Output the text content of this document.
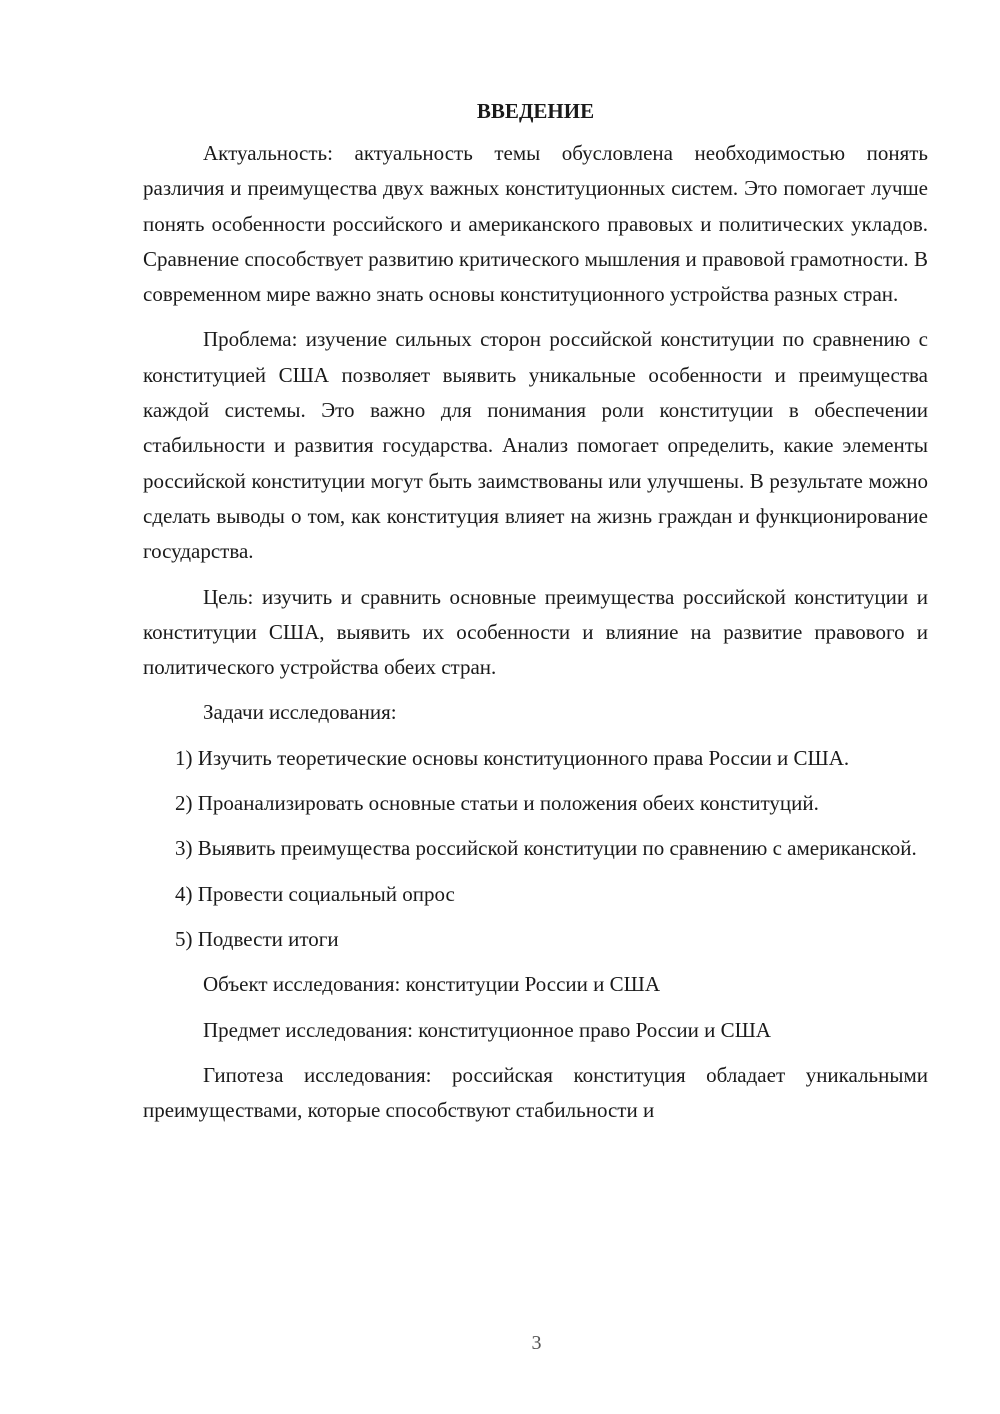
ВВЕДЕНИЕ

Актуальность: актуальность темы обусловлена необходимостью понять различия и преимущества двух важных конституционных систем. Это помогает лучше понять особенности российского и американского правовых и политических укладов. Сравнение способствует развитию критического мышления и правовой грамотности. В современном мире важно знать основы конституционного устройства разных стран.

Проблема: изучение сильных сторон российской конституции по сравнению с конституцией США позволяет выявить уникальные особенности и преимущества каждой системы. Это важно для понимания роли конституции в обеспечении стабильности и развития государства. Анализ помогает определить, какие элементы российской конституции могут быть заимствованы или улучшены. В результате можно сделать выводы о том, как конституция влияет на жизнь граждан и функционирование государства.

Цель: изучить и сравнить основные преимущества российской конституции и конституции США, выявить их особенности и влияние на развитие правового и политического устройства обеих стран.

Задачи исследования:

1) Изучить теоретические основы конституционного права России и США.

2) Проанализировать основные статьи и положения обеих конституций.

3) Выявить преимущества российской конституции по сравнению с американской.

4) Провести социальный опрос

5) Подвести итоги

Объект исследования: конституции России и США

Предмет исследования: конституционное право России и США

Гипотеза исследования: российская конституция обладает уникальными преимуществами, которые способствуют стабильности и

3
